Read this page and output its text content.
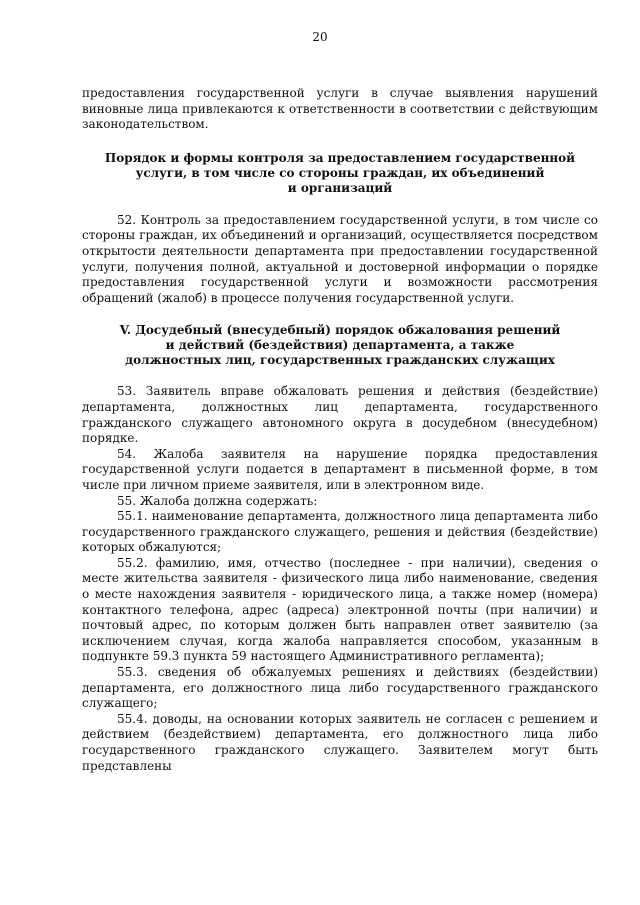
20

предоставления государственной услуги в случае выявления нарушений виновные лица привлекаются к ответственности в соответствии с действующим законодательством.

Порядок и формы контроля за предоставлением государственной
услуги, в том числе со стороны граждан, их объединений
и организаций

52. Контроль за предоставлением государственной услуги, в том числе со стороны граждан, их объединений и организаций, осуществляется посредством открытости деятельности департамента при предоставлении государственной услуги, получения полной, актуальной и достоверной информации о порядке предоставления государственной услуги и возможности рассмотрения обращений (жалоб) в процессе получения государственной услуги.

V. Досудебный (внесудебный) порядок обжалования решений
и действий (бездействия) департамента, а также
должностных лиц, государственных гражданских служащих

53. Заявитель вправе обжаловать решения и действия (бездействие) департамента, должностных лиц департамента, государственного гражданского служащего автономного округа в досудебном (внесудебном) порядке.

54. Жалоба заявителя на нарушение порядка предоставления государственной услуги подается в департамент в письменной форме, в том числе при личном приеме заявителя, или в электронном виде.

55. Жалоба должна содержать:

55.1. наименование департамента, должностного лица департамента либо государственного гражданского служащего, решения и действия (бездействие) которых обжалуются;

55.2. фамилию, имя, отчество (последнее - при наличии), сведения о месте жительства заявителя - физического лица либо наименование, сведения о месте нахождения заявителя - юридического лица, а также номер (номера) контактного телефона, адрес (адреса) электронной почты (при наличии) и почтовый адрес, по которым должен быть направлен ответ заявителю (за исключением случая, когда жалоба направляется способом, указанным в подпункте 59.3 пункта 59 настоящего Административного регламента);

55.3. сведения об обжалуемых решениях и действиях (бездействии) департамента, его должностного лица либо государственного гражданского служащего;

55.4. доводы, на основании которых заявитель не согласен с решением и действием (бездействием) департамента, его должностного лица либо государственного гражданского служащего. Заявителем могут быть представлены
